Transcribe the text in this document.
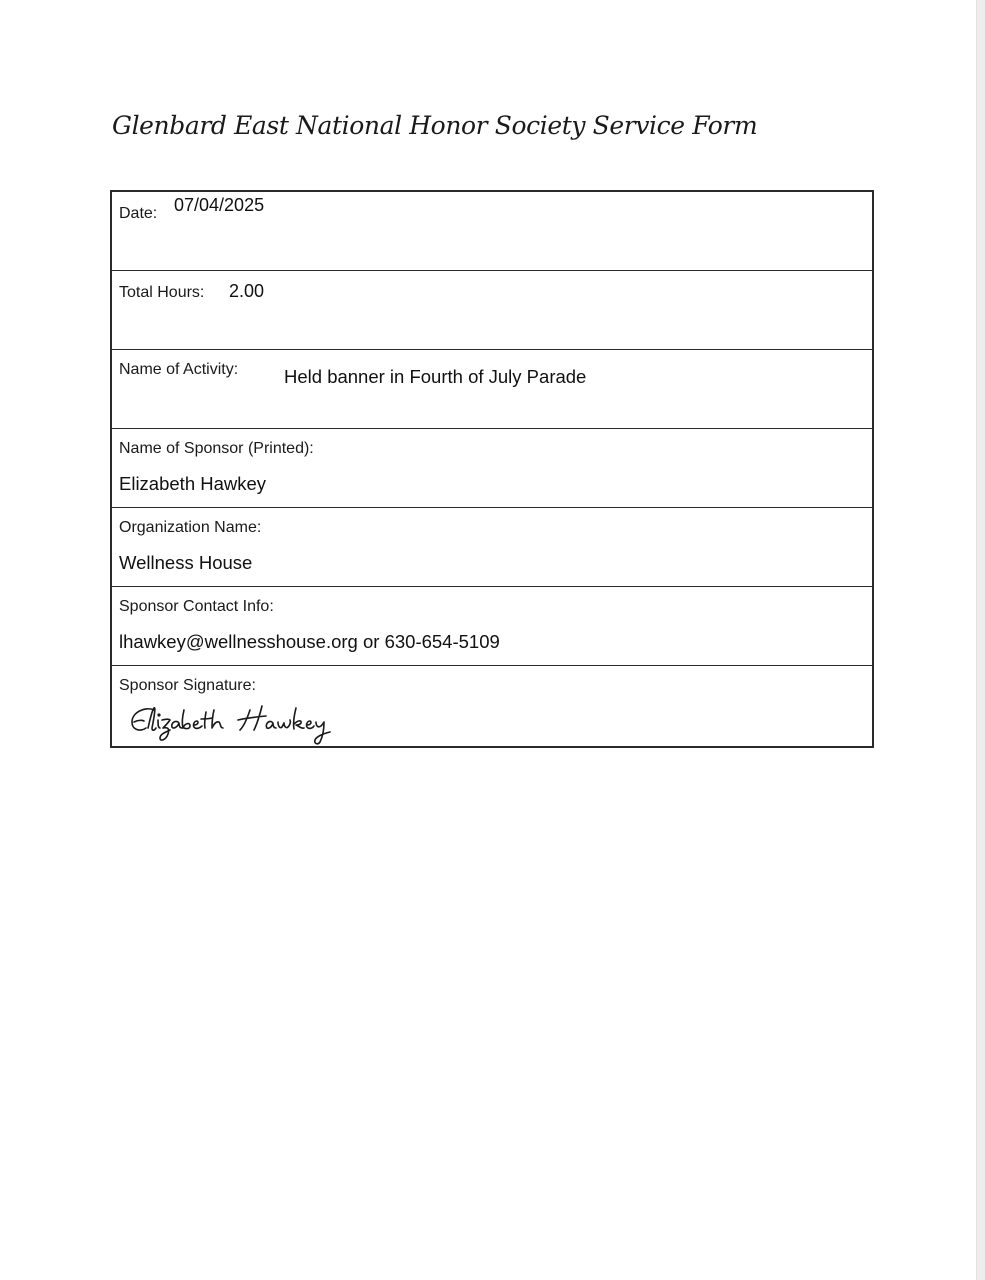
Glenbard East National Honor Society Service Form
Date: 07/04/2025
Total Hours: 2.00
Name of Activity: Held banner in Fourth of July Parade
Name of Sponsor (Printed):
Elizabeth Hawkey
Organization Name:
Wellness House
Sponsor Contact Info:
lhawkey@wellnesshouse.org or 630-654-5109
Sponsor Signature:
